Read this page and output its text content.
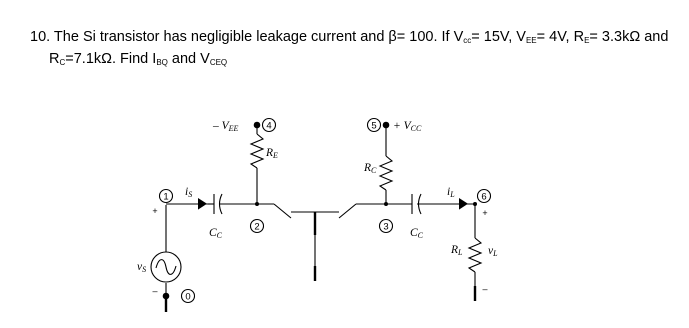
10. The Si transistor has negligible leakage current and β= 100. If $V_{cc}= 15V$, $V_{EE}= 4V$, $R_E= 3.3k\Omega$ and

$R_C=7.1k\Omega$. Find $I_{BQ}$ and $V_{CEQ}$

1
0
2	3
4	5
6
– VEE	+ VCC
RE
RC
CC	CC
iS	iL
vS
RL vL
+
–
+
–
